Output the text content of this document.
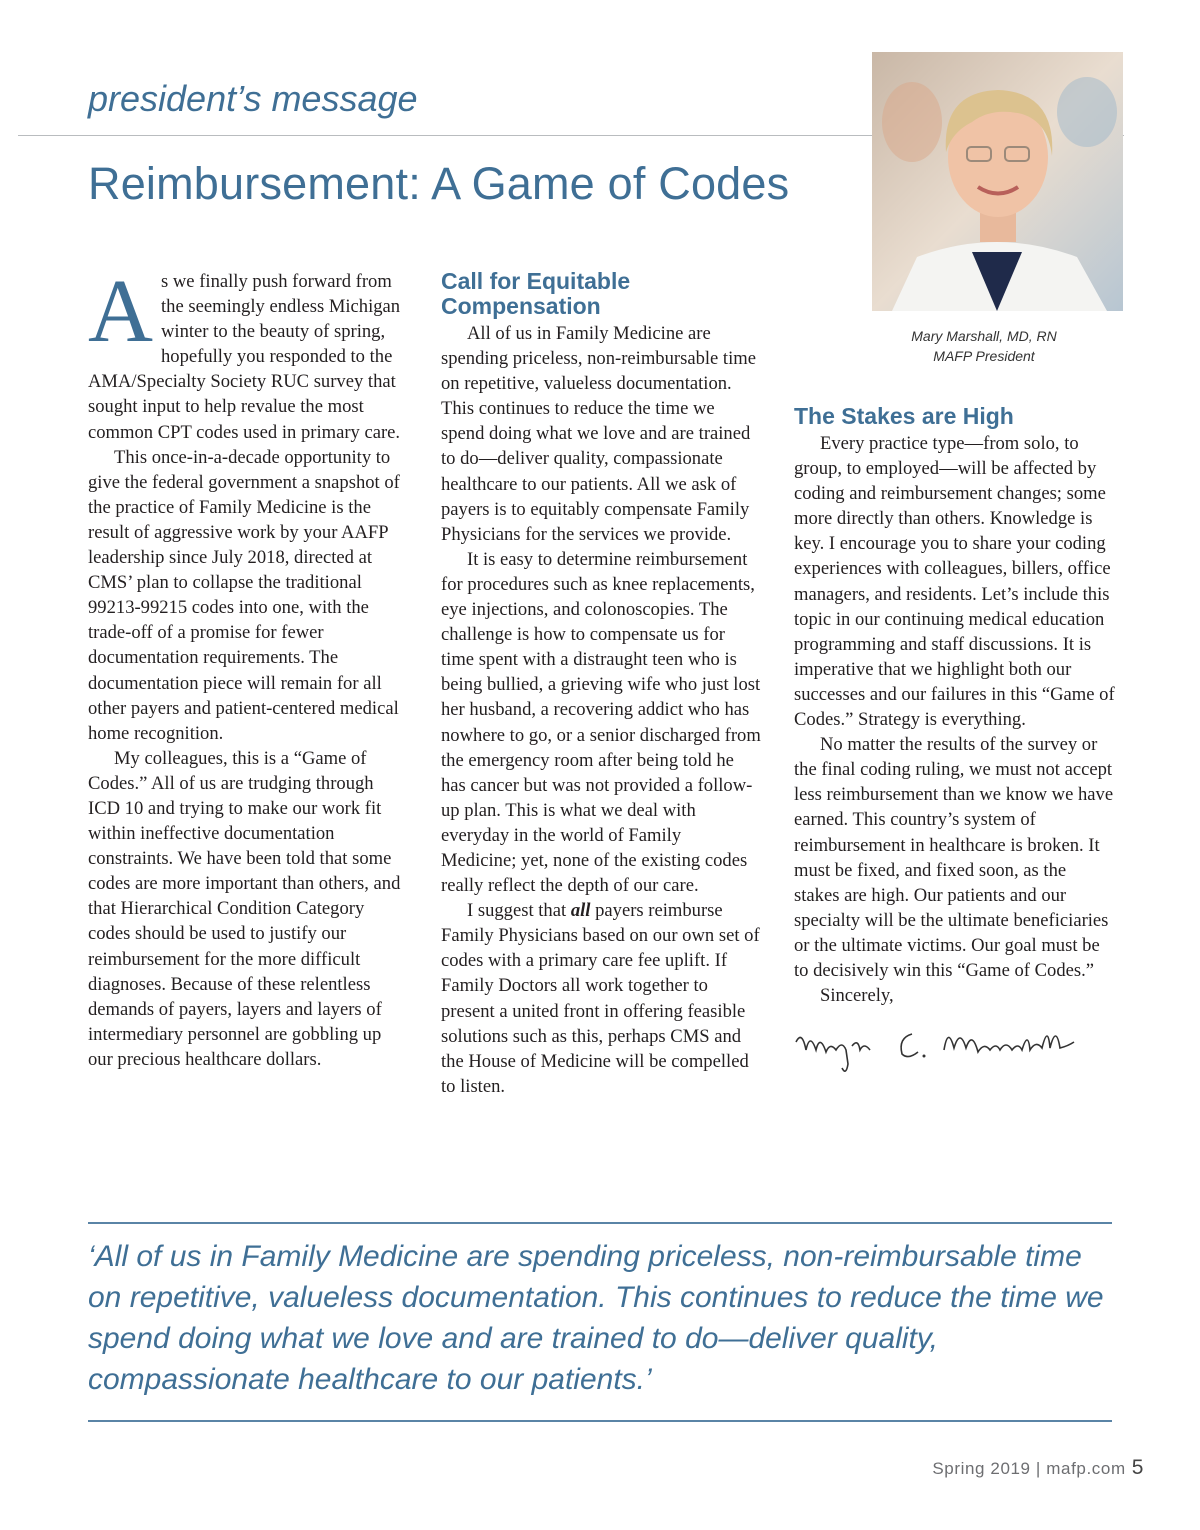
president’s message
Reimbursement: A Game of Codes
Mary Marshall, MD, RN
MAFP President

As we finally push forward from the seemingly endless Michigan winter to the beauty of spring, hopefully you responded to the AMA/Specialty Society RUC survey that sought input to help revalue the most common CPT codes used in primary care.

This once-in-a-decade opportunity to give the federal government a snapshot of the practice of Family Medicine is the result of aggressive work by your AAFP leadership since July 2018, directed at CMS’ plan to collapse the traditional 99213-99215 codes into one, with the trade-off of a promise for fewer documentation requirements. The documentation piece will remain for all other payers and patient-centered medical home recognition.

My colleagues, this is a “Game of Codes.” All of us are trudging through ICD 10 and trying to make our work fit within ineffective documentation constraints. We have been told that some codes are more important than others, and that Hierarchical Condition Category codes should be used to justify our reimbursement for the more difficult diagnoses. Because of these relentless demands of payers, layers and layers of intermediary personnel are gobbling up our precious healthcare dollars.

Call for Equitable Compensation

All of us in Family Medicine are spending priceless, non-reimbursable time on repetitive, valueless documentation. This continues to reduce the time we spend doing what we love and are trained to do—deliver quality, compassionate healthcare to our patients. All we ask of payers is to equitably compensate Family Physicians for the services we provide.

It is easy to determine reimbursement for procedures such as knee replacements, eye injections, and colonoscopies. The challenge is how to compensate us for time spent with a distraught teen who is being bullied, a grieving wife who just lost her husband, a recovering addict who has nowhere to go, or a senior discharged from the emergency room after being told he has cancer but was not provided a follow-up plan. This is what we deal with everyday in the world of Family Medicine; yet, none of the existing codes really reflect the depth of our care.

I suggest that all payers reimburse Family Physicians based on our own set of codes with a primary care fee uplift. If Family Doctors all work together to present a united front in offering feasible solutions such as this, perhaps CMS and the House of Medicine will be compelled to listen.

The Stakes are High

Every practice type—from solo, to group, to employed—will be affected by coding and reimbursement changes; some more directly than others. Knowledge is key. I encourage you to share your coding experiences with colleagues, billers, office managers, and residents. Let’s include this topic in our continuing medical education programming and staff discussions. It is imperative that we highlight both our successes and our failures in this “Game of Codes.” Strategy is everything.

No matter the results of the survey or the final coding ruling, we must not accept less reimbursement than we know we have earned. This country’s system of reimbursement in healthcare is broken. It must be fixed, and fixed soon, as the stakes are high. Our patients and our specialty will be the ultimate beneficiaries or the ultimate victims. Our goal must be to decisively win this “Game of Codes.”

Sincerely,

‘All of us in Family Medicine are spending priceless, non-reimbursable time on repetitive, valueless documentation. This continues to reduce the time we spend doing what we love and are trained to do—deliver quality, compassionate healthcare to our patients.’

Spring 2019 | mafp.com 5
